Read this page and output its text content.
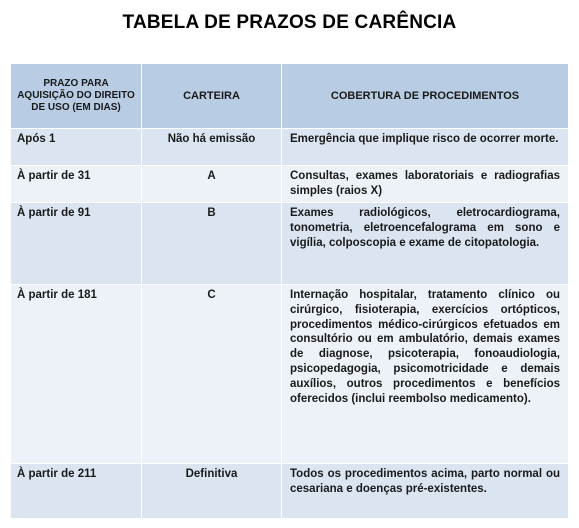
TABELA DE PRAZOS DE CARÊNCIA
PRAZO PARA AQUISIÇÃO DO DIREITO DE USO (EM DIAS)	CARTEIRA	COBERTURA DE PROCEDIMENTOS
Após 1	Não há emissão	Emergência que implique risco de ocorrer morte.
À partir de 31	A	Consultas, exames laboratoriais e radiografias simples (raios X)
À partir de 91	B	Exames radiológicos, eletrocardiograma, tonometria, eletroencefalograma em sono e vigília, colposcopia e exame de citopatologia.
À partir de 181	C	Internação hospitalar, tratamento clínico ou cirúrgico, fisioterapia, exercícios ortópticos, procedimentos médico-cirúrgicos efetuados em consultório ou em ambulatório, demais exames de diagnose, psicoterapia, fonoaudiologia, psicopedagogia, psicomotricidade e demais auxílios, outros procedimentos e benefícios oferecidos (inclui reembolso medicamento).
À partir de 211	Definitiva	Todos os procedimentos acima, parto normal ou cesariana e doenças pré-existentes.
